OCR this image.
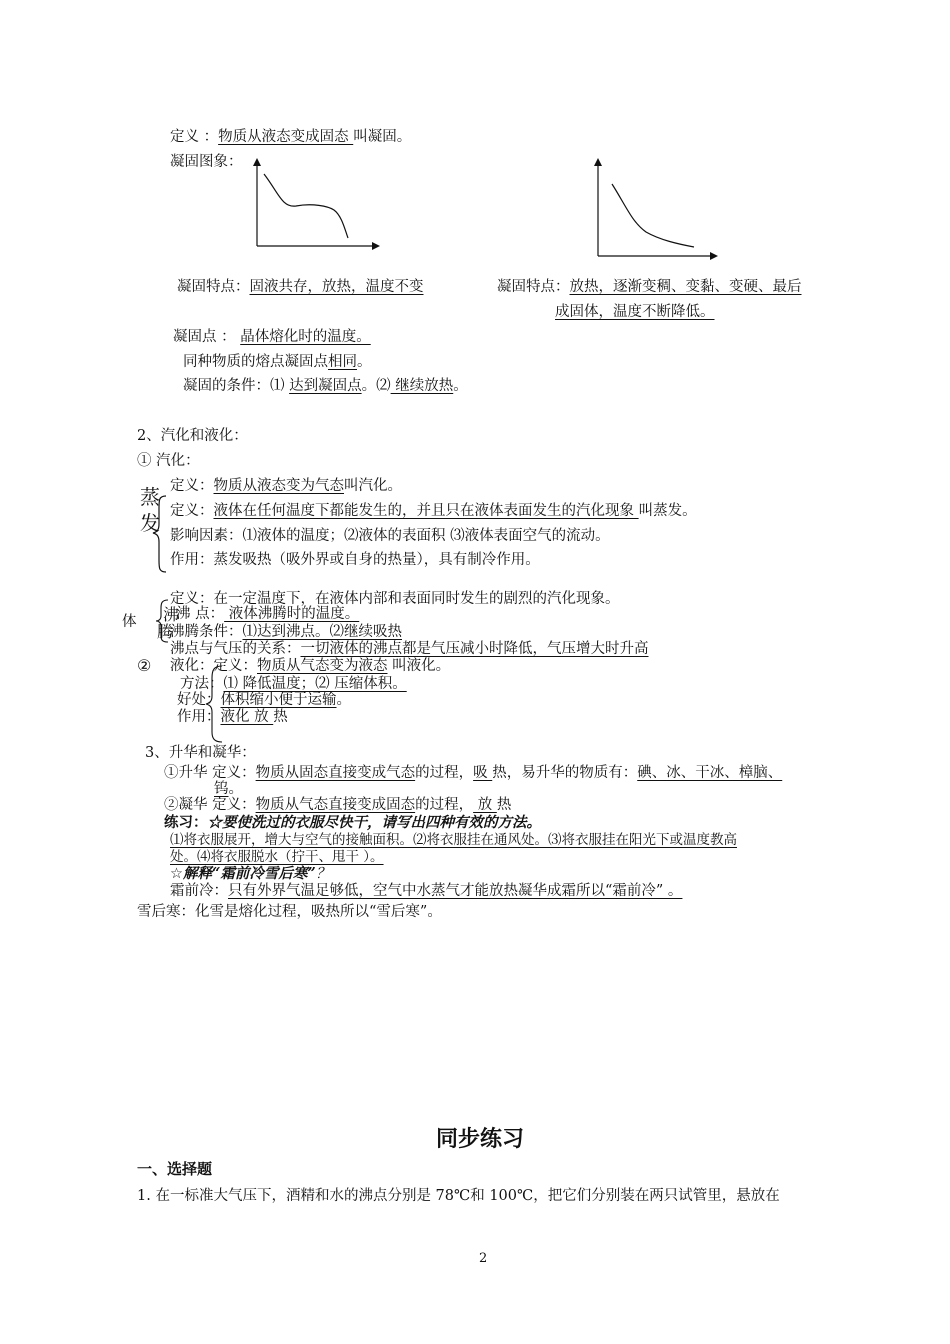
定义 ：物质从液态变成固态 叫凝固。
凝固图象：
凝固特点：固液共存，放热，温度不变	凝固特点：放热，逐渐变稠、变黏、变硬、最后
成固体，温度不断降低。
凝固点 ： 晶体熔化时的温度。
同种物质的熔点凝固点相同。
凝固的条件：⑴ 达到凝固点。⑵ 继续放热。
2、汽化和液化：
① 汽化：
定义：物质从液态变为气态叫汽化。
蒸
发 定义：液体在任何温度下都能发生的，并且只在液体表面发生的汽化现象 叫蒸发。
影响因素：⑴液体的温度；⑵液体的表面积 ⑶液体表面空气的流动。
作用：蒸发吸热（吸外界或自身的热量），具有制冷作用。
定义：在一定温度下，在液体内部和表面同时发生的剧烈的汽化现象。
体 沸
腾
沸 点： 液体沸腾时的温度。
沸腾条件：⑴达到沸点。⑵继续吸热
沸点与气压的关系：一切液体的沸点都是气压减小时降低，气压增大时升高
② 液化：定义：物质从气态变为液态 叫液化。
方法：⑴ 降低温度；⑵ 压缩体积。
好处：体积缩小便于运输。
作用：液化 放 热
3、升华和凝华：
①升华 定义：物质从固态直接变成气态的过程，吸 热，易升华的物质有：碘、冰、干冰、樟脑、
钨。
②凝华 定义：物质从气态直接变成固态的过程， 放 热
练习：☆要使洗过的衣服尽快干，请写出四种有效的方法。
⑴将衣服展开，增大与空气的接触面积。⑵将衣服挂在通风处。⑶将衣服挂在阳光下或温度教高
处。⑷将衣服脱水（拧干、甩干 ）。
☆解释“霜前冷雪后寒”？
霜前冷：只有外界气温足够低，空气中水蒸气才能放热凝华成霜所以“霜前冷” 。
雪后寒：化雪是熔化过程，吸热所以“雪后寒”。
同步练习
一、选择题
1. 在一标准大气压下，酒精和水的沸点分别是 78℃和 100℃，把它们分别装在两只试管里，悬放在
2
